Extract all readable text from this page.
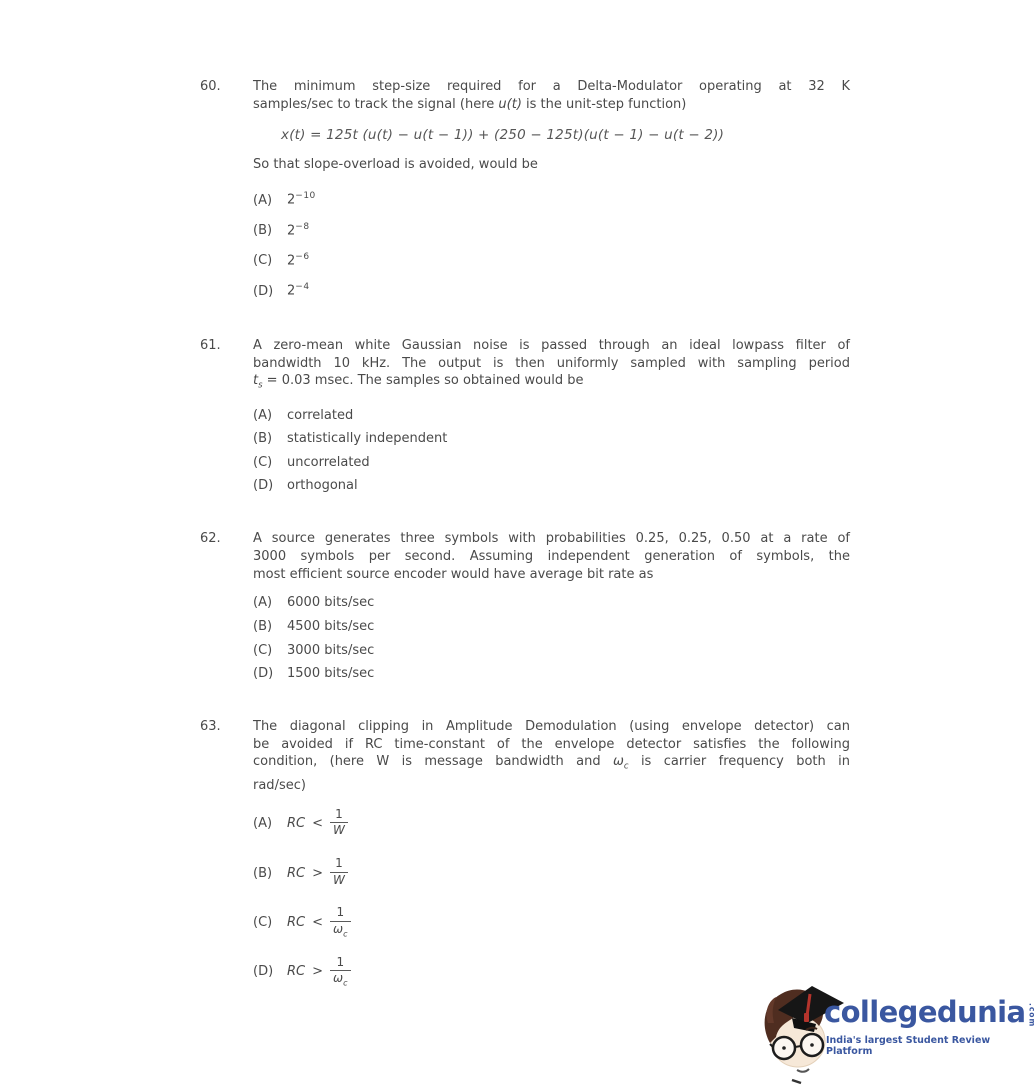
60.	The minimum step-size required for a Delta-Modulator operating at 32 K
samples/sec to track the signal (here u(t) is the unit-step function)
x(t) = 125t (u(t) − u(t − 1)) + (250 − 125t)(u(t − 1) − u(t − 2))
So that slope-overload is avoided, would be
(A)	$2^{-10}$
(B)	$2^{-8}$
(C)	$2^{-6}$
(D)	$2^{-4}$
61.	A zero-mean white Gaussian noise is passed through an ideal lowpass filter of
bandwidth 10 kHz. The output is then uniformly sampled with sampling period
$t_s = 0.03$ msec. The samples so obtained would be
(A)	correlated
(B)	statistically independent
(C)	uncorrelated
(D)	orthogonal
62.	A source generates three symbols with probabilities 0.25, 0.25, 0.50 at a rate of
3000 symbols per second. Assuming independent generation of symbols, the
most efficient source encoder would have average bit rate as
(A)	6000 bits/sec
(B)	4500 bits/sec
(C)	3000 bits/sec
(D)	1500 bits/sec
63.	The diagonal clipping in Amplitude Demodulation (using envelope detector) can
be avoided if RC time-constant of the envelope detector satisfies the following
condition, (here W is message bandwidth and $\omega_c$ is carrier frequency both in
rad/sec)
(A)	RC < $\frac{1}{W}$
(B)	RC > $\frac{1}{W}$
(C)	RC < $\frac{1}{\omega_c}$
(D)	RC > $\frac{1}{\omega_c}$
collegedunia .com
India's largest Student Review Platform
